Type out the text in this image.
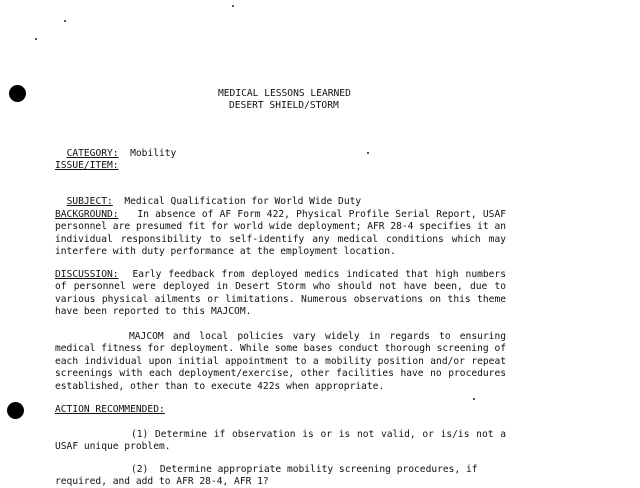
MEDICAL LESSONS LEARNED
DESERT SHIELD/STORM

CATEGORY: Mobility

ISSUE/ITEM:

SUBJECT: Medical Qualification for World Wide Duty

BACKGROUND: In absence of AF Form 422, Physical Profile Serial Report, USAF personnel are presumed fit for world wide deployment; AFR 28-4 specifies it an individual responsibility to self-identify any medical conditions which may interfere with duty performance at the employment location.
DISCUSSION: Early feedback from deployed medics indicated that high numbers of personnel were deployed in Desert Storm who should not have been, due to various physical ailments or limitations. Numerous observations on this theme have been reported to this MAJCOM.
MAJCOM and local policies vary widely in regards to ensuring medical fitness for deployment. While some bases conduct thorough screening of each individual upon initial appointment to a mobility position and/or repeat screenings with each deployment/exercise, other facilities have no procedures established, other than to execute 422s when appropriate.
ACTION RECOMMENDED:
(1) Determine if observation is or is not valid, or is/is not a USAF unique problem.
(2)  Determine appropriate mobility screening procedures, if
required, and add to AFR 28-4, AFR 1?
